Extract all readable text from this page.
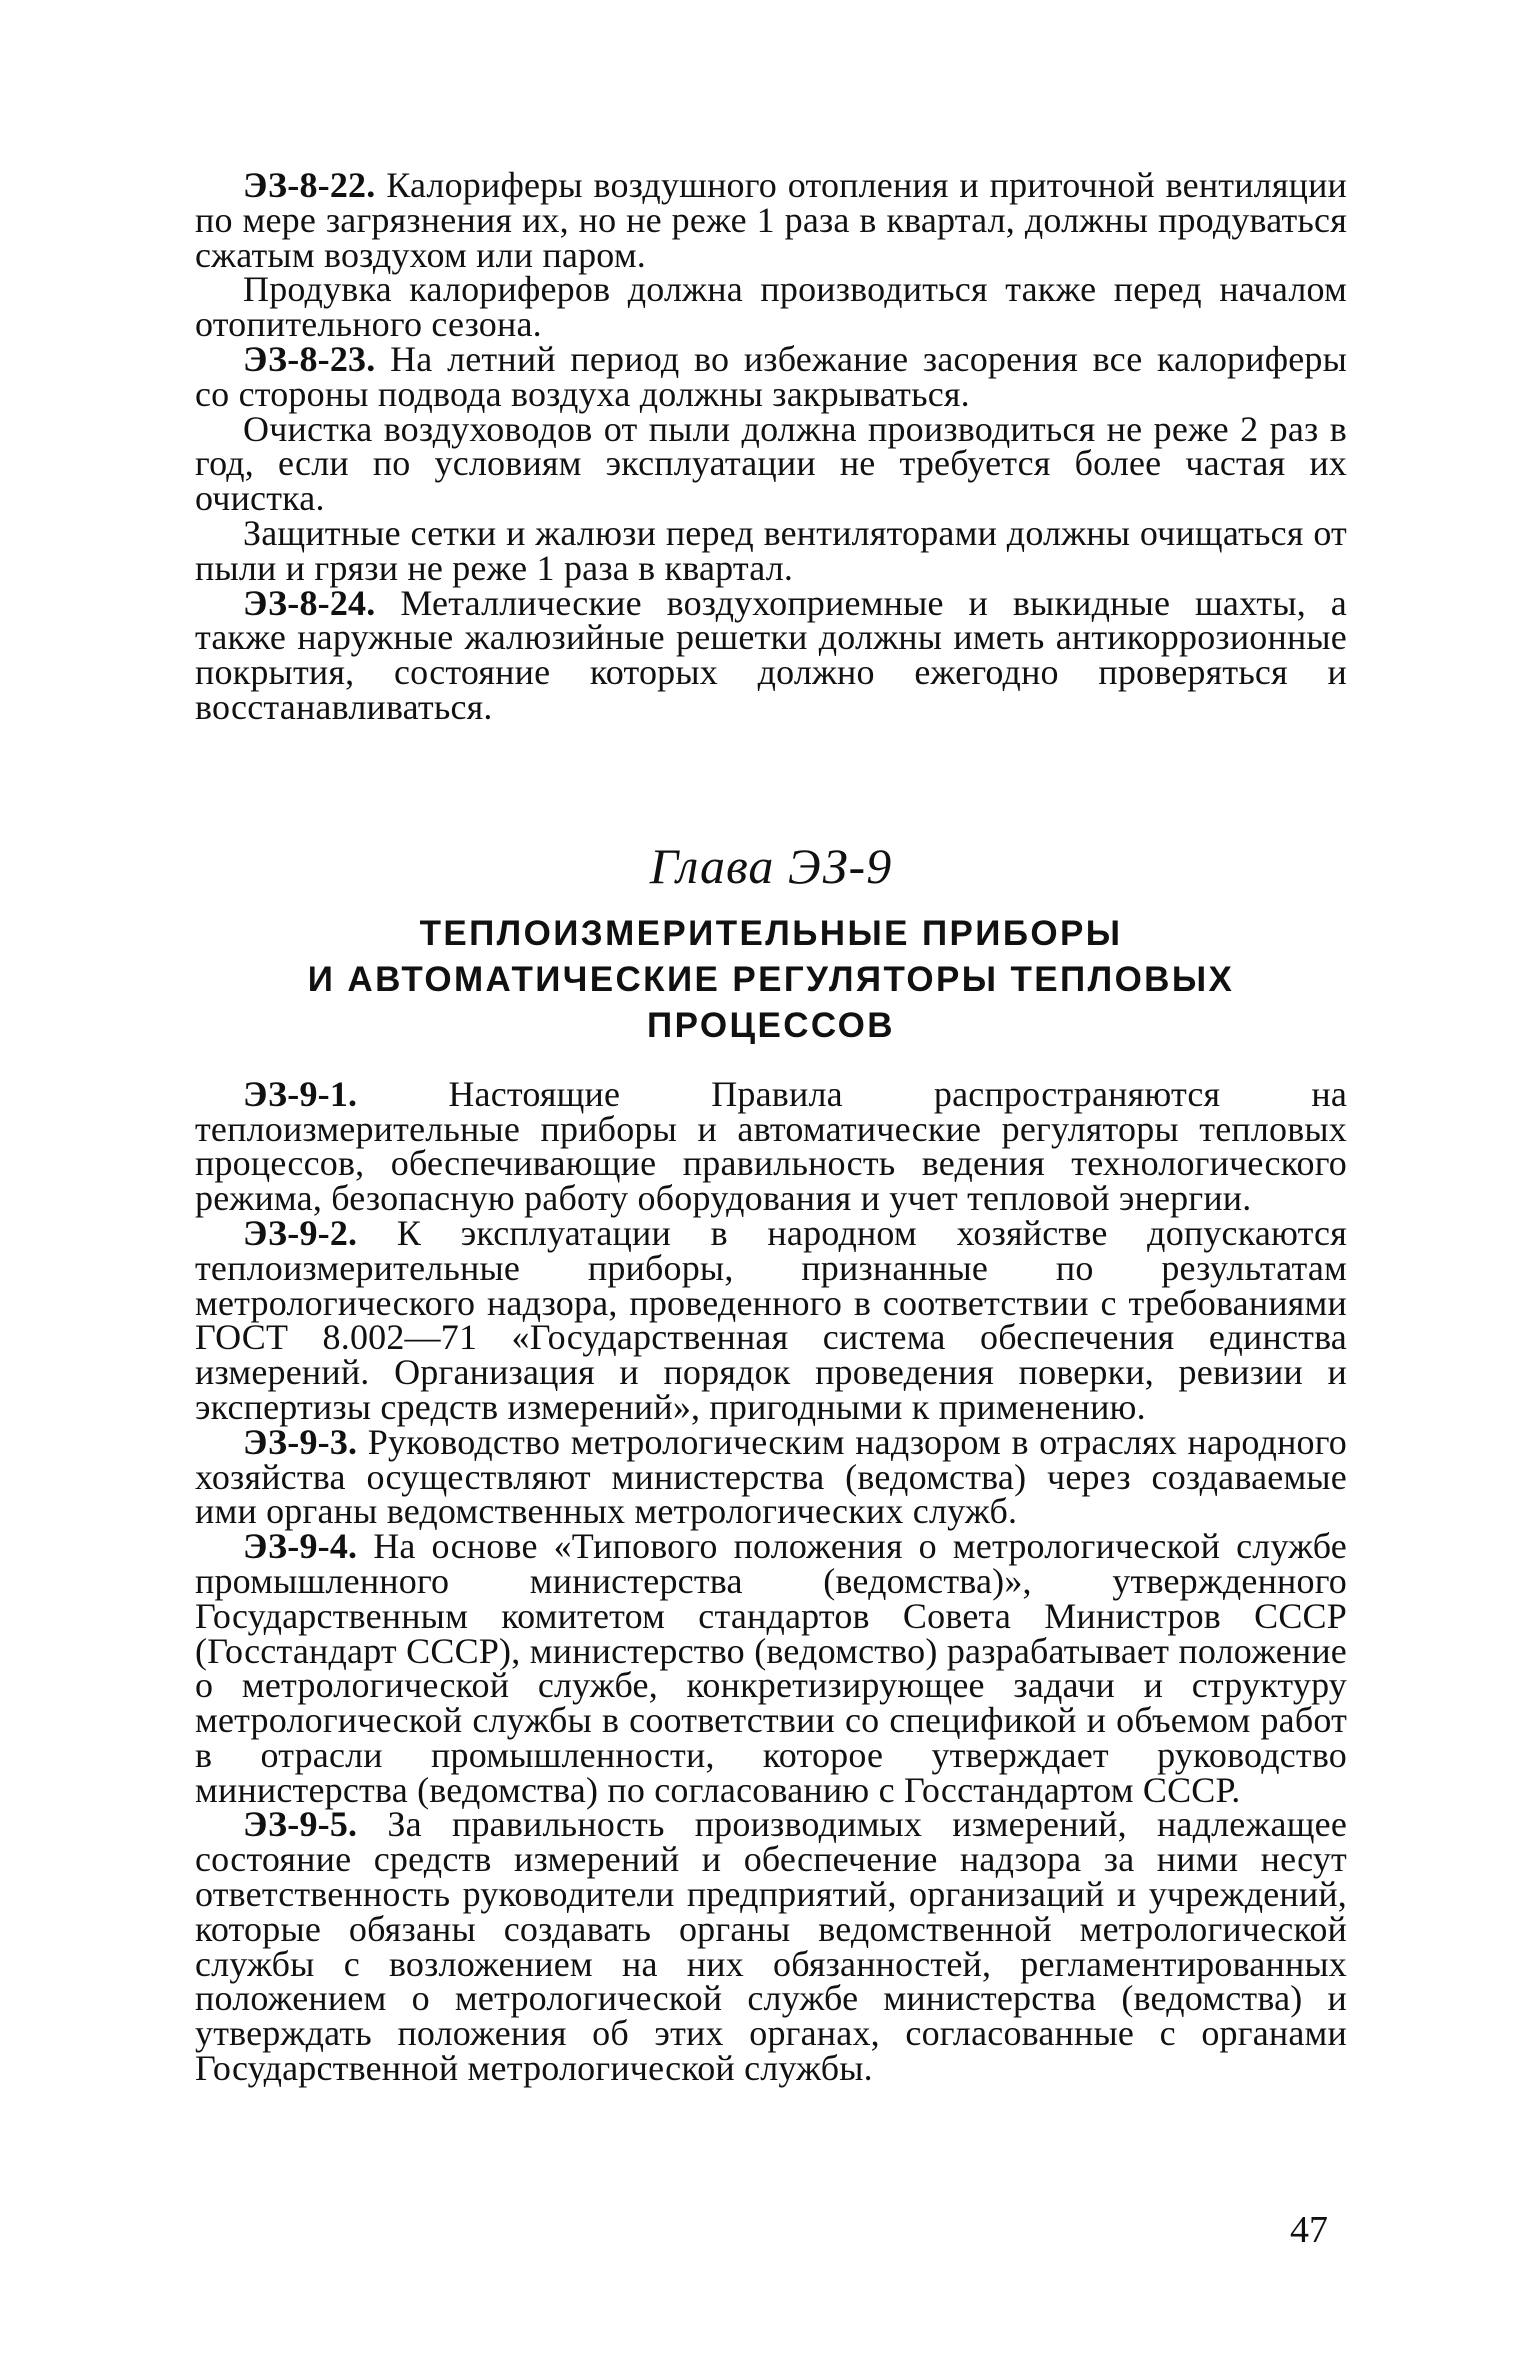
ЭЗ-8-22. Калориферы воздушного отопления и приточной вентиляции по мере загрязнения их, но не реже 1 раза в квартал, должны продуваться сжатым воздухом или паром.

Продувка калориферов должна производиться также перед началом отопительного сезона.

ЭЗ-8-23. На летний период во избежание засорения все калориферы со стороны подвода воздуха должны закрываться.

Очистка воздуховодов от пыли должна производиться не реже 2 раз в год, если по условиям эксплуатации не требуется более частая их очистка.

Защитные сетки и жалюзи перед вентиляторами должны очищаться от пыли и грязи не реже 1 раза в квартал.

ЭЗ-8-24. Металлические воздухоприемные и выкидные шахты, а также наружные жалюзийные решетки должны иметь антикоррозионные покрытия, состояние которых должно ежегодно проверяться и восстанавливаться.

Глава ЭЗ-9

ТЕПЛОИЗМЕРИТЕЛЬНЫЕ ПРИБОРЫ

И АВТОМАТИЧЕСКИЕ РЕГУЛЯТОРЫ ТЕПЛОВЫХ

ПРОЦЕССОВ

ЭЗ-9-1.	Настоящие Правила распространяются на теплоизмерительные приборы и автоматические регуляторы тепловых процессов, обеспечивающие правильность ведения технологического режима, безопасную работу оборудования и учет тепловой энергии.

ЭЗ-9-2. К эксплуатации в народном хозяйстве допускаются теплоизмерительные приборы, признанные по результатам метрологического надзора, проведенного в соответствии с требованиями ГОСТ 8.002—71 «Государственная система обеспечения единства измерений. Организация и порядок проведения поверки, ревизии и экспертизы средств измерений», пригодными к применению.

ЭЗ-9-3. Руководство метрологическим надзором в отраслях народного хозяйства осуществляют министерства (ведомства) через создаваемые ими органы ведомственных метрологических служб.

ЭЗ-9-4. На основе «Типового положения о метрологической службе промышленного министерства (ведомства)», утвержденного Государственным комитетом стандартов Совета Министров СССР (Госстандарт СССР), министерство (ведомство) разрабатывает положение о метрологической службе, конкретизирующее задачи и структуру метрологической службы в соответствии со спецификой и объемом работ в отрасли промышленности, которое утверждает руководство министерства (ведомства) по согласованию с Госстандартом СССР.

ЭЗ-9-5. За правильность производимых измерений, надлежащее состояние средств измерений и обеспечение надзора за ними несут ответственность руководители предприятий, организаций и учреждений, которые обязаны создавать органы ведомственной метрологической службы с возложением на них обязанностей, регламентированных положением о метрологической службе министерства (ведомства) и утверждать положения об этих органах, согласованные с органами Государственной метрологической службы.

47
